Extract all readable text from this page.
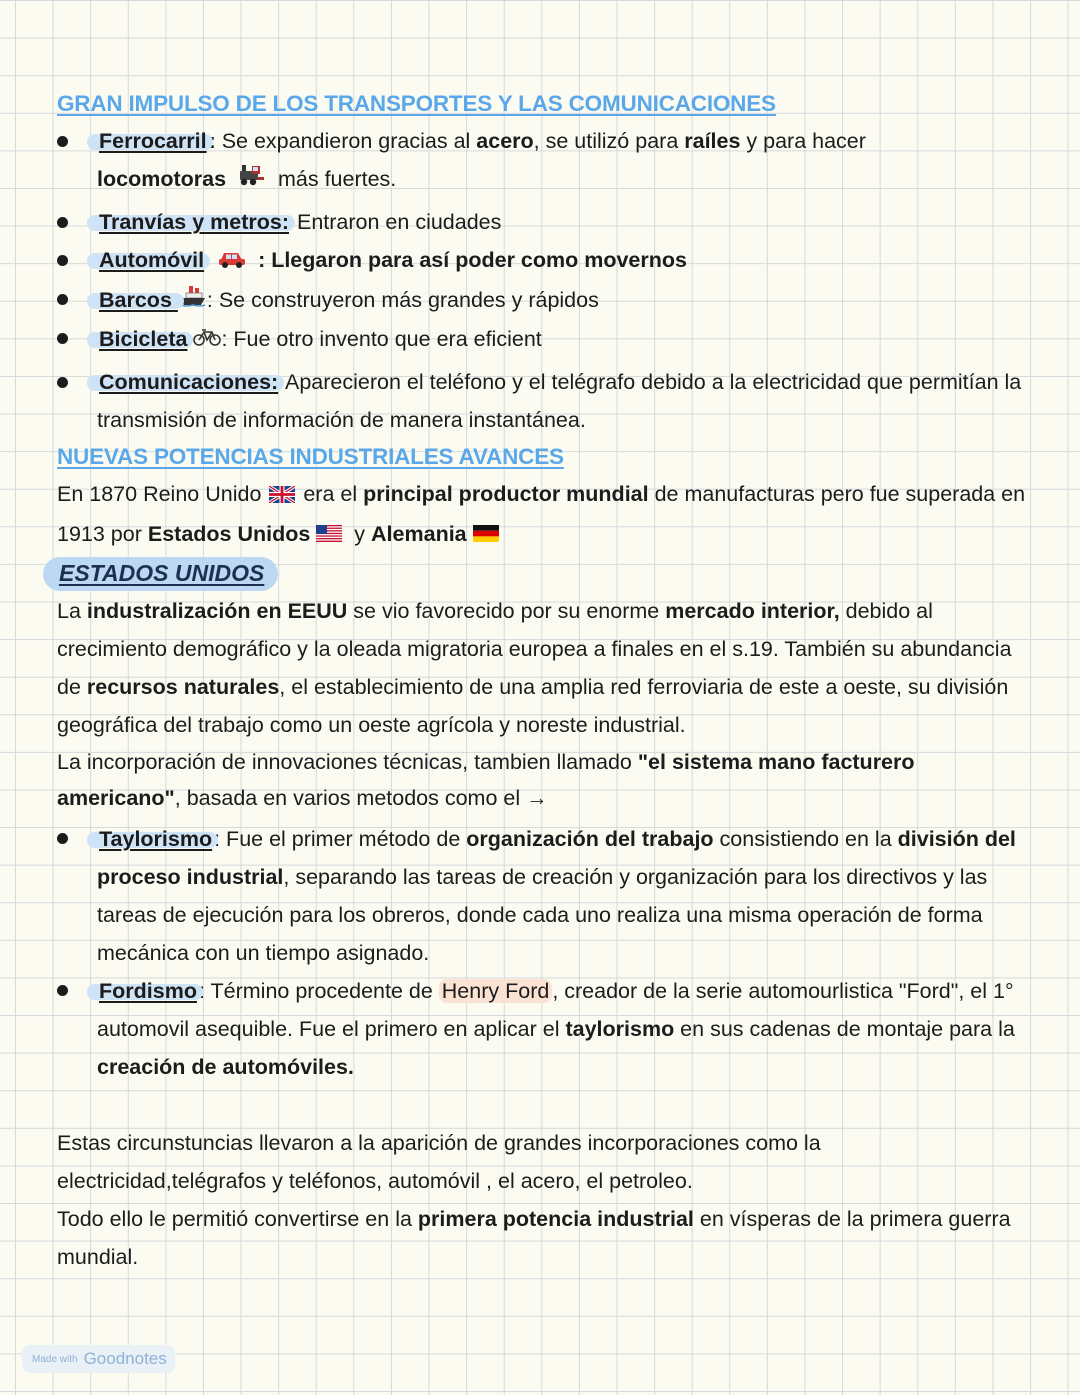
GRAN IMPULSO DE LOS TRANSPORTES Y LAS COMUNICACIONES
Ferrocarril: Se expandieron gracias al acero, se utilizó para raíles y para hacer
locomotoras  más fuertes.
Tranvías y metros: Entraron en ciudades
Automóvil  : Llegaron para así poder como movernos
Barcos : Se construyeron más grandes y rápidos
Bicicleta : Fue otro invento que era eficient
Comunicaciones: Aparecieron el teléfono y el telégrafo debido a la electricidad que permitían la transmisión de información de manera instantánea.
NUEVAS POTENCIAS INDUSTRIALES AVANCES

En 1870 Reino Unido  era el principal productor mundial de manufacturas pero fue superada en 1913 por Estados Unidos y Alemania

ESTADOS UNIDOS

La industralización en EEUU se vio favorecido por su enorme mercado interior, debido al crecimiento demográfico y la oleada migratoria europea a finales en el s.19. También su abundancia de recursos naturales, el establecimiento de una amplia red ferroviaria de este a oeste, su división geográfica del trabajo como un oeste agrícola y noreste industrial.

La incorporación de innovaciones técnicas, tambien llamado "el sistema mano facturero americano", basada en varios metodos como el →

Taylorismo: Fue el primer método de organización del trabajo consistiendo en la división del proceso industrial, separando las tareas de creación y organización para los directivos y las tareas de ejecución para los obreros, donde cada uno realiza una misma operación de forma mecánica con un tiempo asignado.
Fordismo: Término procedente de Henry Ford , creador de la serie automourlistica "Ford", el 1° automovil asequible. Fue el primero en aplicar el taylorismo en sus cadenas de montaje para la creación de automóviles.

Estas circunstuncias llevaron a la aparición de grandes incorporaciones como la electricidad,telégrafos y teléfonos, automóvil , el acero, el petroleo.

Todo ello le permitió convertirse en la primera potencia industrial en vísperas de la primera guerra mundial.

Made with Goodnotes
